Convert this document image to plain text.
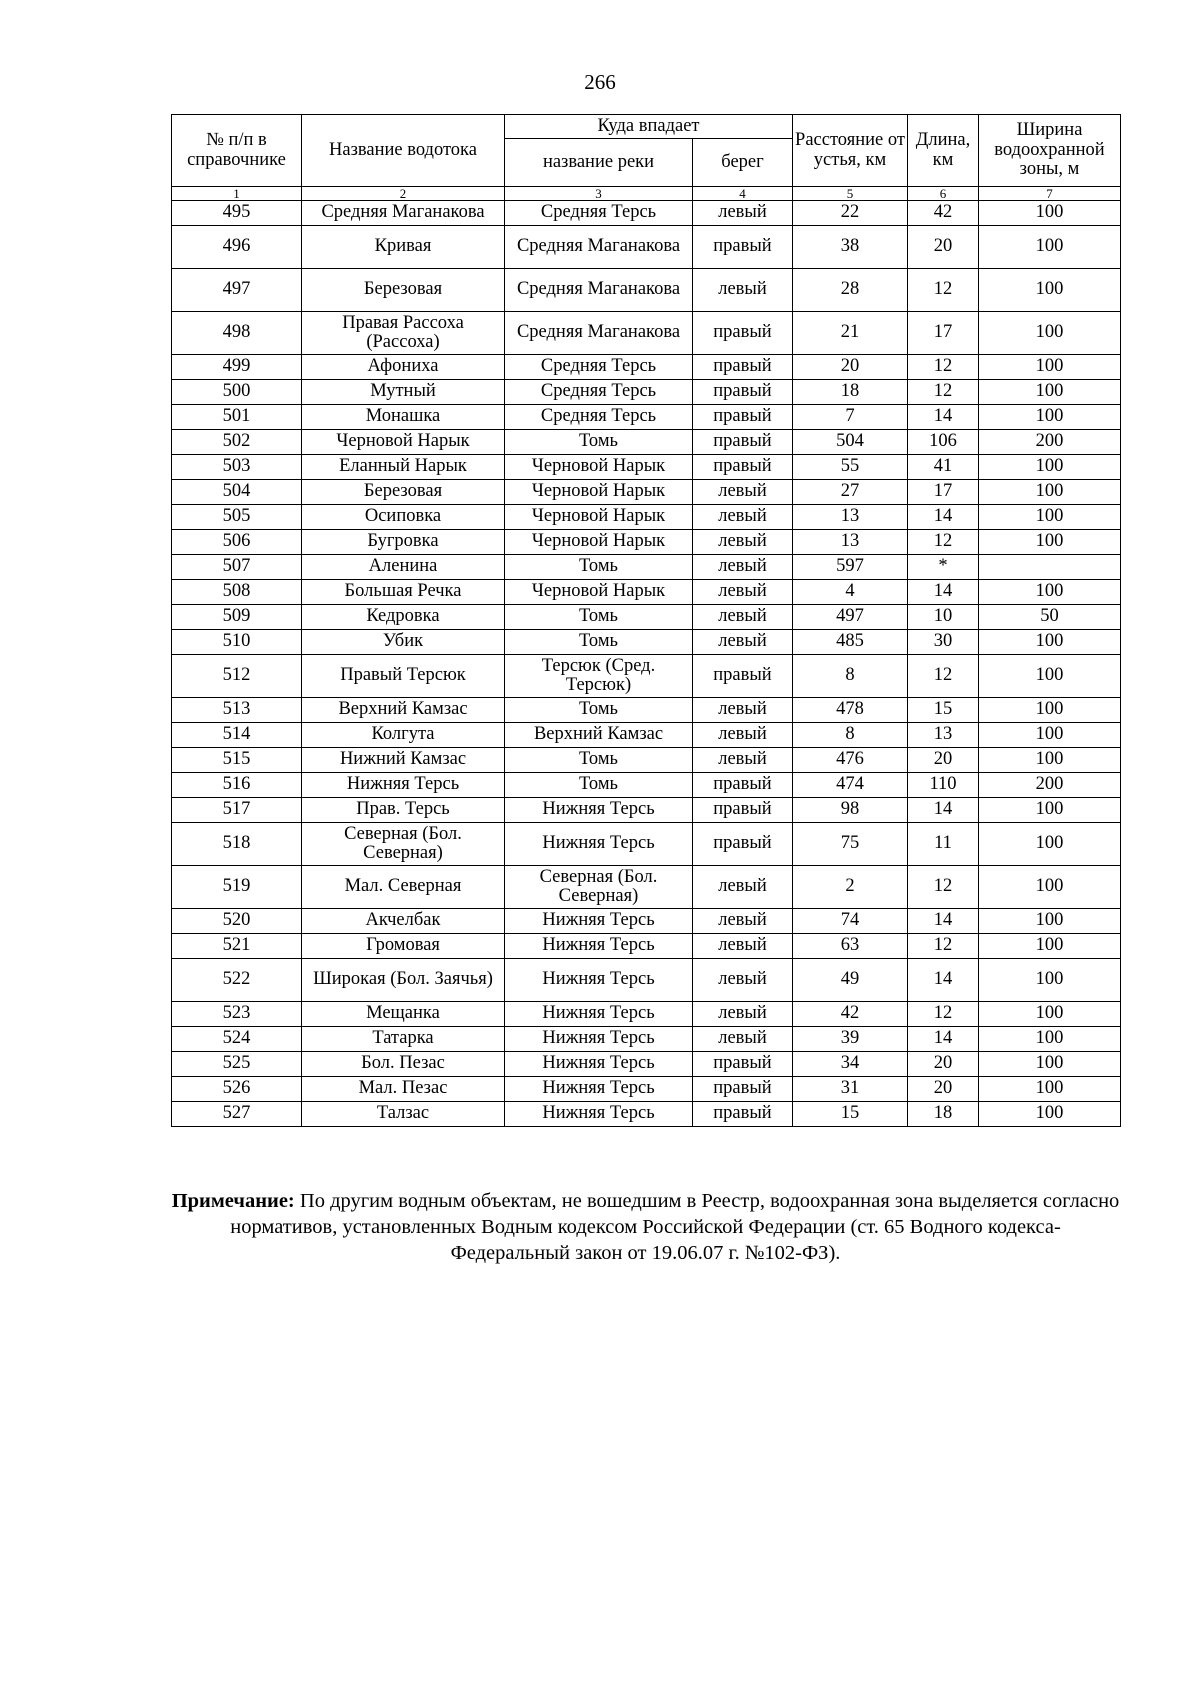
266
№ п/п в справочнике	Название водотока	Куда впадает		Расстояние от устья, км	Длина, км	Ширина водоохранной зоны, м
		название реки	берег			
1	2	3	4	5	6	7
495	Средняя Маганакова	Средняя Терсь	левый	22	42	100
496	Кривая	Средняя Маганакова	правый	38	20	100
497	Березовая	Средняя Маганакова	левый	28	12	100
498	Правая Рассоха (Рассоха)	Средняя Маганакова	правый	21	17	100
499	Афониха	Средняя Терсь	правый	20	12	100
500	Мутный	Средняя Терсь	правый	18	12	100
501	Монашка	Средняя Терсь	правый	7	14	100
502	Черновой Нарык	Томь	правый	504	106	200
503	Еланный Нарык	Черновой Нарык	правый	55	41	100
504	Березовая	Черновой Нарык	левый	27	17	100
505	Осиповка	Черновой Нарык	левый	13	14	100
506	Бугровка	Черновой Нарык	левый	13	12	100
507	Аленина	Томь	левый	597	*	
508	Большая Речка	Черновой Нарык	левый	4	14	100
509	Кедровка	Томь	левый	497	10	50
510	Убик	Томь	левый	485	30	100
512	Правый Терсюк	Терсюк (Сред. Терсюк)	правый	8	12	100
513	Верхний Камзас	Томь	левый	478	15	100
514	Колгута	Верхний Камзас	левый	8	13	100
515	Нижний Камзас	Томь	левый	476	20	100
516	Нижняя Терсь	Томь	правый	474	110	200
517	Прав. Терсь	Нижняя Терсь	правый	98	14	100
518	Северная (Бол. Северная)	Нижняя Терсь	правый	75	11	100
519	Мал. Северная	Северная (Бол. Северная)	левый	2	12	100
520	Акчелбак	Нижняя Терсь	левый	74	14	100
521	Громовая	Нижняя Терсь	левый	63	12	100
522	Широкая (Бол. Заячья)	Нижняя Терсь	левый	49	14	100
523	Мещанка	Нижняя Терсь	левый	42	12	100
524	Татарка	Нижняя Терсь	левый	39	14	100
525	Бол. Пезас	Нижняя Терсь	правый	34	20	100
526	Мал. Пезас	Нижняя Терсь	правый	31	20	100
527	Талзас	Нижняя Терсь	правый	15	18	100
Примечание: По другим водным объектам, не вошедшим в Реестр, водоохранная зона выделяется согласно нормативов, установленных Водным кодексом Российской Федерации (ст. 65 Водного кодекса-Федеральный закон от 19.06.07 г. №102-ФЗ).
